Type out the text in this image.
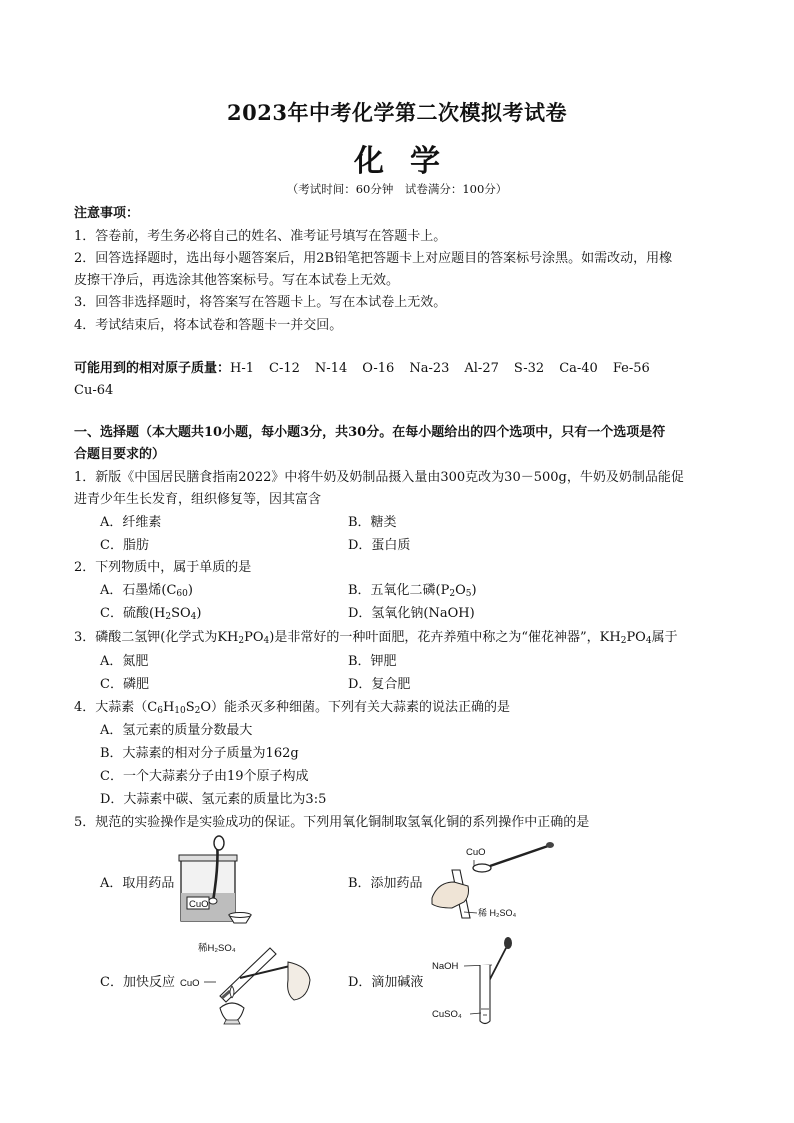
2023年中考化学第二次模拟考试卷
化学
（考试时间：60分钟　试卷满分：100分）
注意事项：
1．答卷前，考生务必将自己的姓名、准考证号填写在答题卡上。
2．回答选择题时，选出每小题答案后，用2B铅笔把答题卡上对应题目的答案标号涂黑。如需改动，用橡
皮擦干净后，再选涂其他答案标号。写在本试卷上无效。
3．回答非选择题时，将答案写在答题卡上。写在本试卷上无效。
4．考试结束后，将本试卷和答题卡一并交回。
可能用到的相对原子质量：H-1 C-12 N-14 O-16 Na-23 Al-27 S-32 Ca-40 Fe-56
Cu-64
一、选择题（本大题共10小题，每小题3分，共30分。在每小题给出的四个选项中，只有一个选项是符
合题目要求的）
1．新版《中国居民膳食指南2022》中将牛奶及奶制品摄入量由300克改为30－500g，牛奶及奶制品能促
进青少年生长发育，组织修复等，因其富含
A．纤维素	B．糖类
C．脂肪	D．蛋白质
2．下列物质中，属于单质的是
A．石墨烯$(C_{60})$	B．五氧化二磷$(P_2O_5)$
C．硫酸$(H_2SO_4)$	D．氢氧化钠(NaOH)
3．磷酸二氢钾(化学式为$KH_2PO_4$)是非常好的一种叶面肥，花卉养殖中称之为“催花神器”，$KH_2PO_4$属于
A．氮肥	B．钾肥
C．磷肥	D．复合肥
4．大蒜素$(C_6H_{10}S_2O)$能杀灭多种细菌。下列有关大蒜素的说法正确的是
A．氢元素的质量分数最大
B．大蒜素的相对分子质量为162g
C．一个大蒜素分子由19个原子构成
D．大蒜素中碳、氢元素的质量比为3:5
5．规范的实验操作是实验成功的保证。下列用氧化铜制取氢氧化铜的系列操作中正确的是
A．取用药品	B．添加药品
C．加快反应	D．滴加碱液
CuO
CuO
稀 H₂SO₄
稀H₂SO₄
CuO
NaOH
CuSO₄
